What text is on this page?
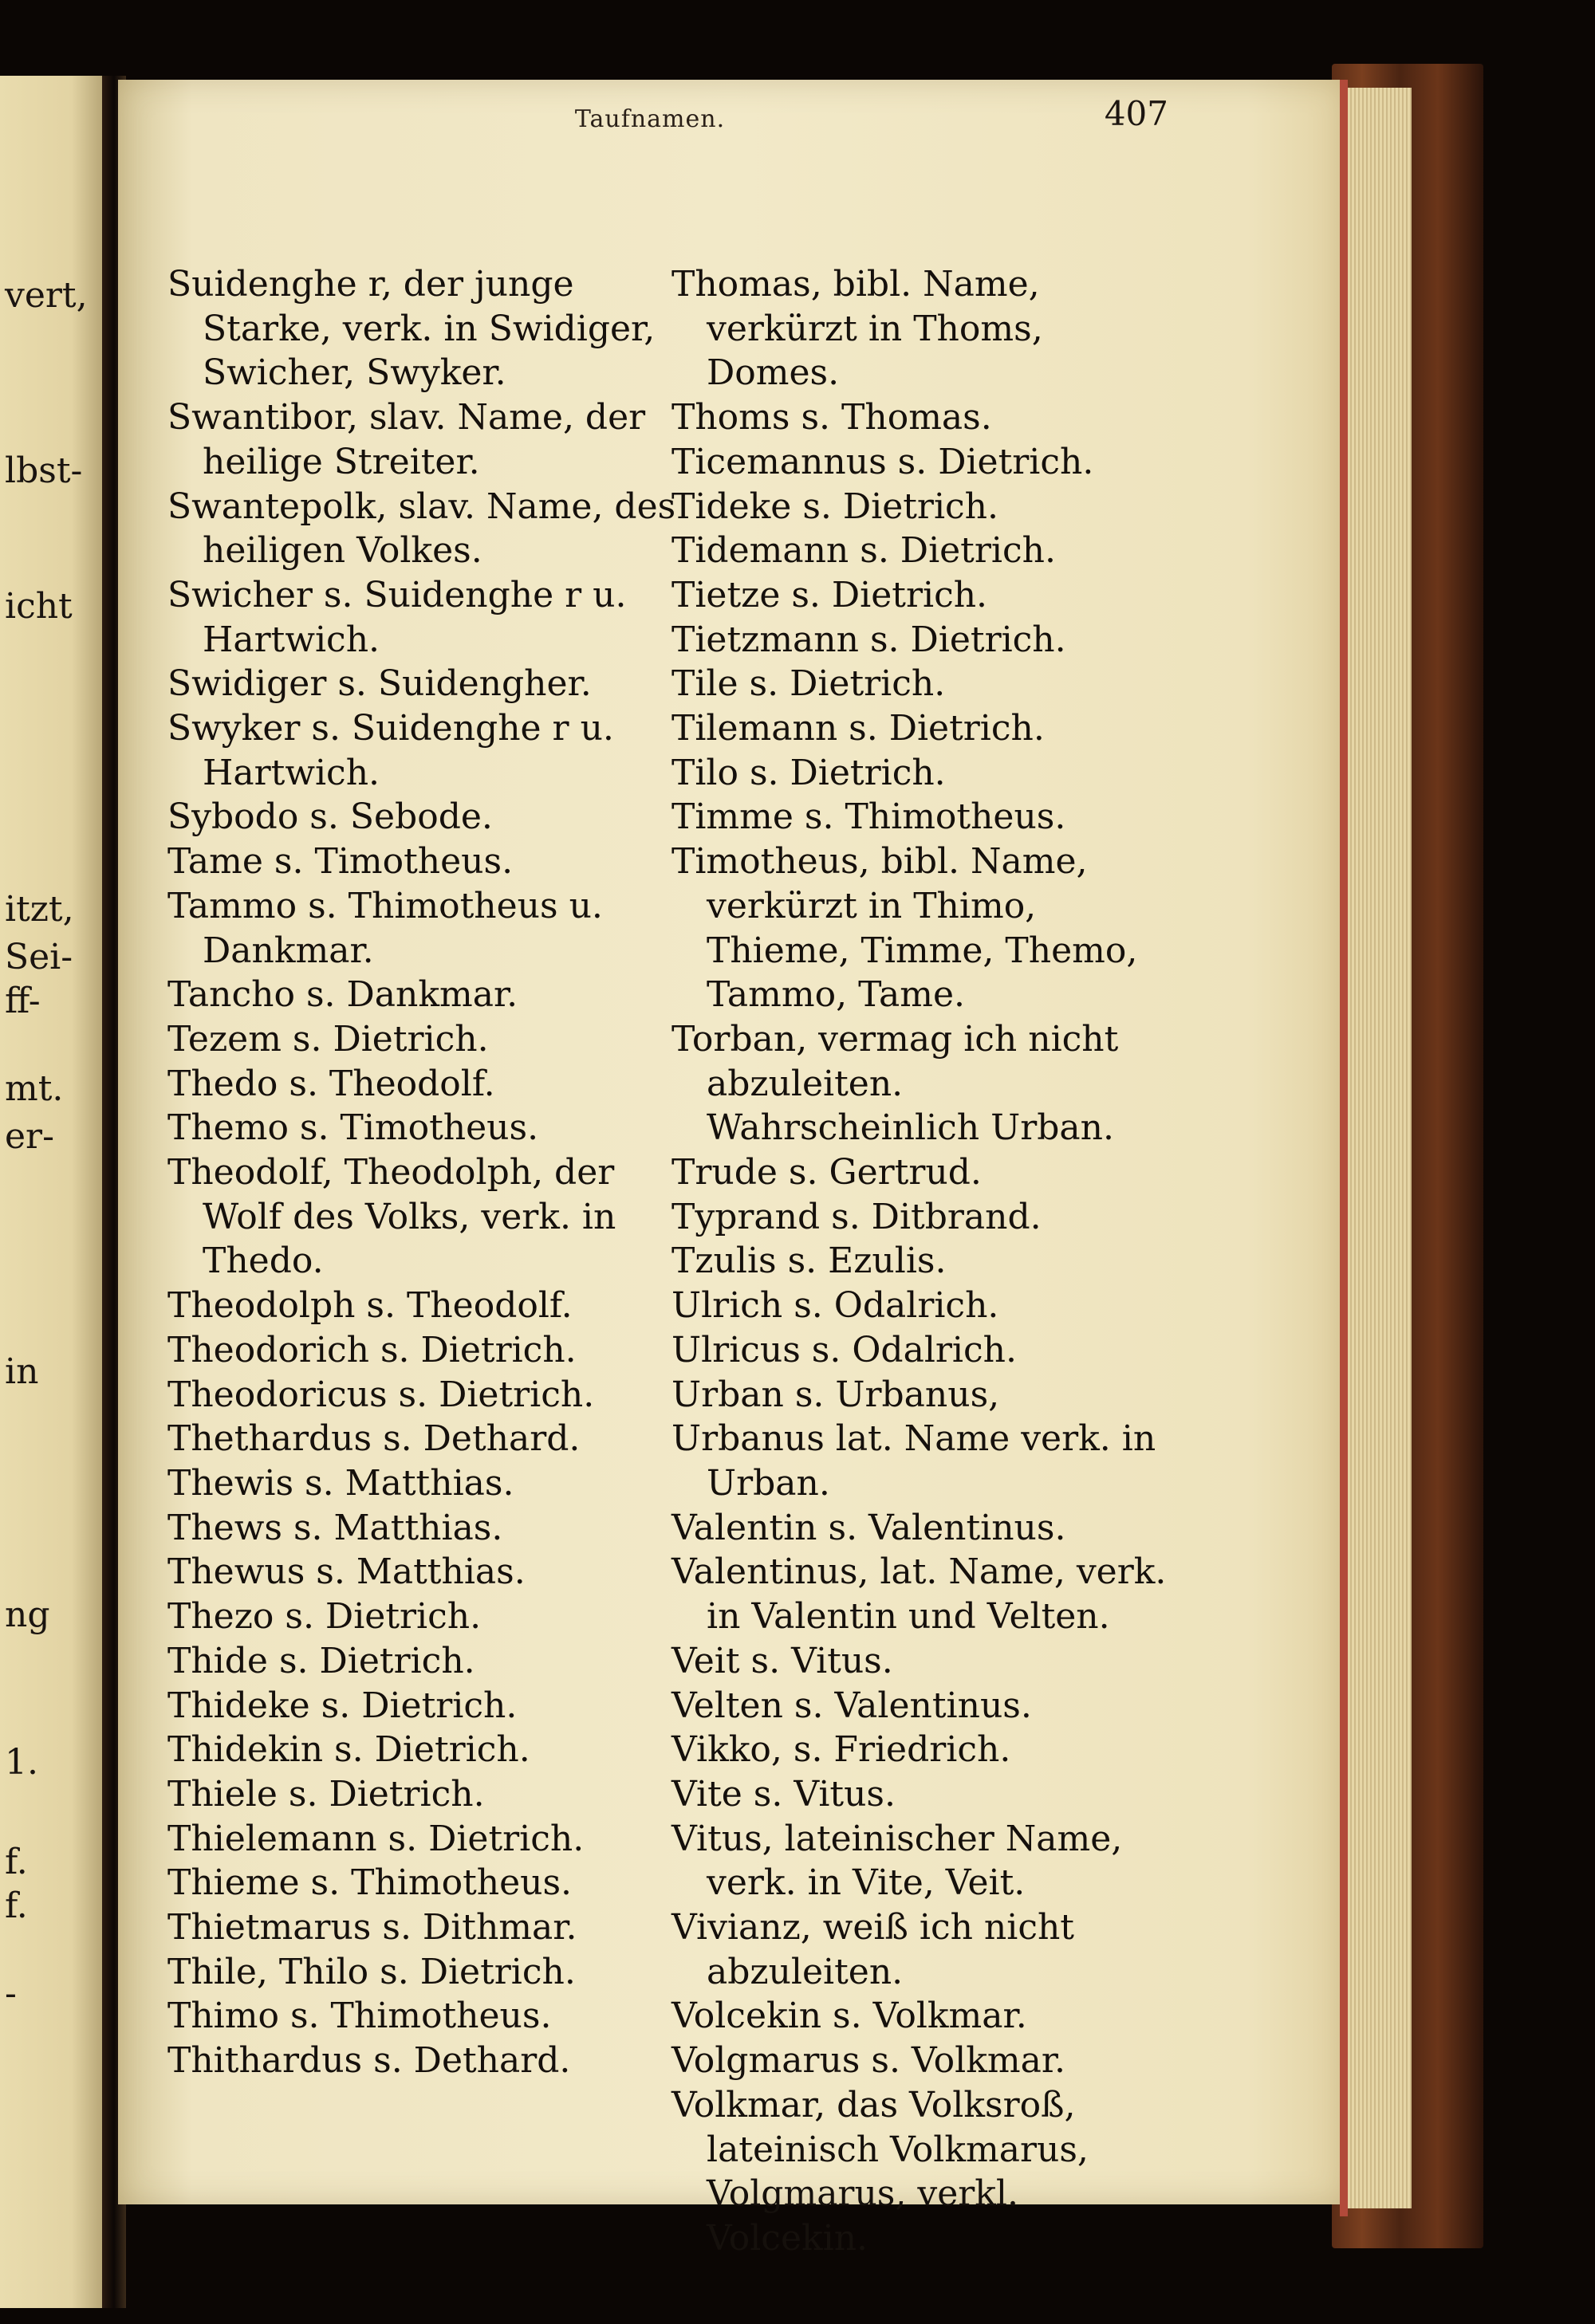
vert,
lbst-
icht
itzt,
Sei-
ff-
mt.
er-
in
ng
1.
f.
f.
-
Taufnamen.	407

Suidenghe r, der junge Starke, verk. in Swidiger, Swicher, Swyker.

Swantibor, slav. Name, der heilige Streiter.

Swantepolk, slav. Name, des heiligen Volkes.

Swicher s. Suidenghe r u. Hartwich.

Swidiger s. Suidengher.

Swyker s. Suidenghe r u. Hartwich.

Sybodo s. Sebode.

Tame s. Timotheus.

Tammo s. Thimotheus u. Dankmar.

Tancho s. Dankmar.

Tezem s. Dietrich.

Thedo s. Theodolf.

Themo s. Timotheus.

Theodolf, Theodolph, der Wolf des Volks, verk. in Thedo.

Theodolph s. Theodolf.

Theodorich s. Dietrich.

Theodoricus s. Dietrich.

Thethardus s. Dethard.

Thewis s. Matthias.

Thews s. Matthias.

Thewus s. Matthias.

Thezo s. Dietrich.

Thide s. Dietrich.

Thideke s. Dietrich.

Thidekin s. Dietrich.

Thiele s. Dietrich.

Thielemann s. Dietrich.

Thieme s. Thimotheus.

Thietmarus s. Dithmar.

Thile, Thilo s. Dietrich.

Thimo s. Thimotheus.

Thithardus s. Dethard.

Thomas, bibl. Name, verkürzt in Thoms, Domes.

Thoms s. Thomas.

Ticemannus s. Dietrich.

Tideke s. Dietrich.

Tidemann s. Dietrich.

Tietze s. Dietrich.

Tietzmann s. Dietrich.

Tile s. Dietrich.

Tilemann s. Dietrich.

Tilo s. Dietrich.

Timme s. Thimotheus.

Timotheus, bibl. Name, verkürzt in Thimo, Thieme, Timme, Themo, Tammo, Tame.

Torban, vermag ich nicht abzuleiten. Wahrscheinlich Urban.

Trude s. Gertrud.

Typrand s. Ditbrand.

Tzulis s. Ezulis.

Ulrich s. Odalrich.

Ulricus s. Odalrich.

Urban s. Urbanus,

Urbanus lat. Name verk. in Urban.

Valentin s. Valentinus.

Valentinus, lat. Name, verk. in Valentin und Velten.

Veit s. Vitus.

Velten s. Valentinus.

Vikko, s. Friedrich.

Vite s. Vitus.

Vitus, lateinischer Name, verk. in Vite, Veit.

Vivianz, weiß ich nicht abzuleiten.

Volcekin s. Volkmar.

Volgmarus s. Volkmar.

Volkmar, das Volksroß, lateinisch Volkmarus, Volgmarus, verkl. Volcekin.
